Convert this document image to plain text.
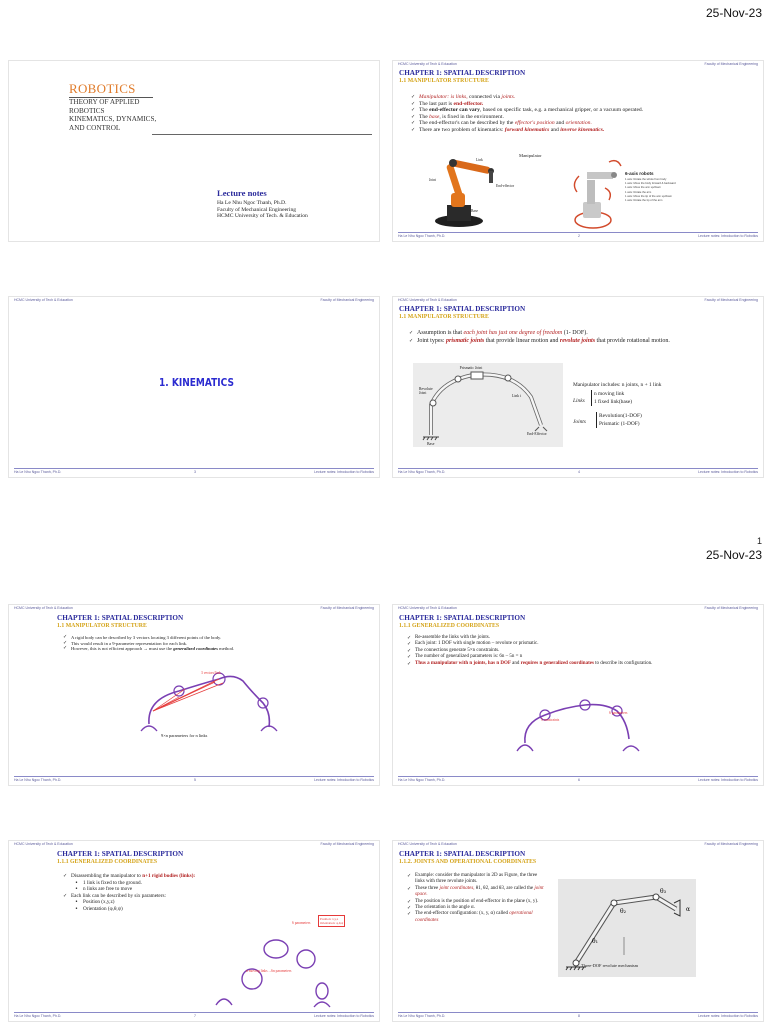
25-Nov-23
1
25-Nov-23
ROBOTICS
THEORY OF APPLIED
ROBOTICS
KINEMATICS, DYNAMICS,
AND CONTROL
Lecture notes
Ha Le Nhu Ngoc Thanh, Ph.D.
Faculty of Mechanical Engineering
HCMC University of Tech. & Education
HCMC University of Tech & Education	Faculty of Mechanical Engineering
CHAPTER 1: SPATIAL DESCRIPTION
1.1 MANIPULATOR STRUCTURE
✓ Manipulator: is links, connected via joints.
✓ The last part is end-effector.
✓ The end-effector can vary, based on specific task, e.g. a mechanical gripper, or a vacuum operated.
✓ The base, is fixed in the environment.
✓ The end-effector's can be described by the effector's position and orientation.
✓ There are two problem of kinematics: forward kinematics and inverse kinematics.
Manipulator
Link
Joint
End-effector
Base
6-axis robots
1 axis: Rotate the whole from body
1 axis: Move the body forward & backward
1 axis: Move the arm up/down
1 axis: Rotate the arm
1 axis: Move the tip of the arm up/down
1 axis: Rotate the tip of the arm
Ha Le Nhu Ngoc Thanh, Ph.D.	2	Lecture notes: Introduction to Robotics
HCMC University of Tech & Education	Faculty of Mechanical Engineering
1. KINEMATICS
Ha Le Nhu Ngoc Thanh, Ph.D.	3	Lecture notes: Introduction to Robotics
HCMC University of Tech & Education	Faculty of Mechanical Engineering
CHAPTER 1: SPATIAL DESCRIPTION
1.1 MANIPULATOR STRUCTURE
✓ Assumption is that each joint has just one degree of freedom (1- DOF).
✓ Joint types: prismatic joints that provide linear motion and revolute joints that provide rotational motion.
Prismatic Joint
Revolute Joint
Link i
End-Effector
Base
Manipulator includes: n joints, n + 1 link
Links
n moving link
1 fixed link(base)
Joints
Revolution(1-DOF)
Prismatic (1-DOF)
Ha Le Nhu Ngoc Thanh, Ph.D.	4	Lecture notes: Introduction to Robotics
HCMC University of Tech & Education	Faculty of Mechanical Engineering
CHAPTER 1: SPATIAL DESCRIPTION
1.1 MANIPULATOR STRUCTURE
✓ A rigid body can be described by 3 vectors locating 3 different points of the body.
✓ This would result in a 9-parameter representation for each link.
✓ However, this is not efficient approach → must use the generalized coordinates method.
3 vectors/link
9×n parameters for n links
Ha Le Nhu Ngoc Thanh, Ph.D.	5	Lecture notes: Introduction to Robotics
HCMC University of Tech & Education	Faculty of Mechanical Engineering
CHAPTER 1: SPATIAL DESCRIPTION
1.1.1 GENERALIZED COORDINATES
✓ Re-assemble the links with the joints.
✓ Each joint: 1 DOF with single motion – revolute or prismatic.
✓ The connections generate 5×n constraints.
✓ The number of generalized parameters is: 6n – 5n = n
✓ Thus a manipulator with n joints, has n DOF and requires n generalized coordinates to describe its configuration.
5 constraints
6 parameters
Ha Le Nhu Ngoc Thanh, Ph.D.	6	Lecture notes: Introduction to Robotics
HCMC University of Tech & Education	Faculty of Mechanical Engineering
CHAPTER 1: SPATIAL DESCRIPTION
1.1.1 GENERALIZED COORDINATES
✓ Disassembling the manipulator to n+1 rigid bodies (links):
• 1 link is fixed to the ground.
• n links are free to move
✓ Each link can be described by six parameters:
• Position (x,y,z)
• Orientation (φ,θ,ψ)
6 parameters
Position: x,y,z
Orientation: φ,θ,ψ
n moving links→6n parameters
Ha Le Nhu Ngoc Thanh, Ph.D.	7	Lecture notes: Introduction to Robotics
HCMC University of Tech & Education	Faculty of Mechanical Engineering
CHAPTER 1: SPATIAL DESCRIPTION
1.1.2. JOINTS AND OPERATIONAL COORDINATES
✓ Example: consider the manipulator in 2D as Figure, the three links with three revolute joints.
✓ These three joint coordinates, θ1, θ2, and θ3, are called the joint space.
✓ The position is the position of end-effector in the plane (x, y).
✓ The orientation is the angle α.
✓ The end-effector configuration: (x, y, α) called operational coordinates
θ₁
θ₂
θ₃
α
Three-DOF revolute mechanism
Ha Le Nhu Ngoc Thanh, Ph.D.	8	Lecture notes: Introduction to Robotics
